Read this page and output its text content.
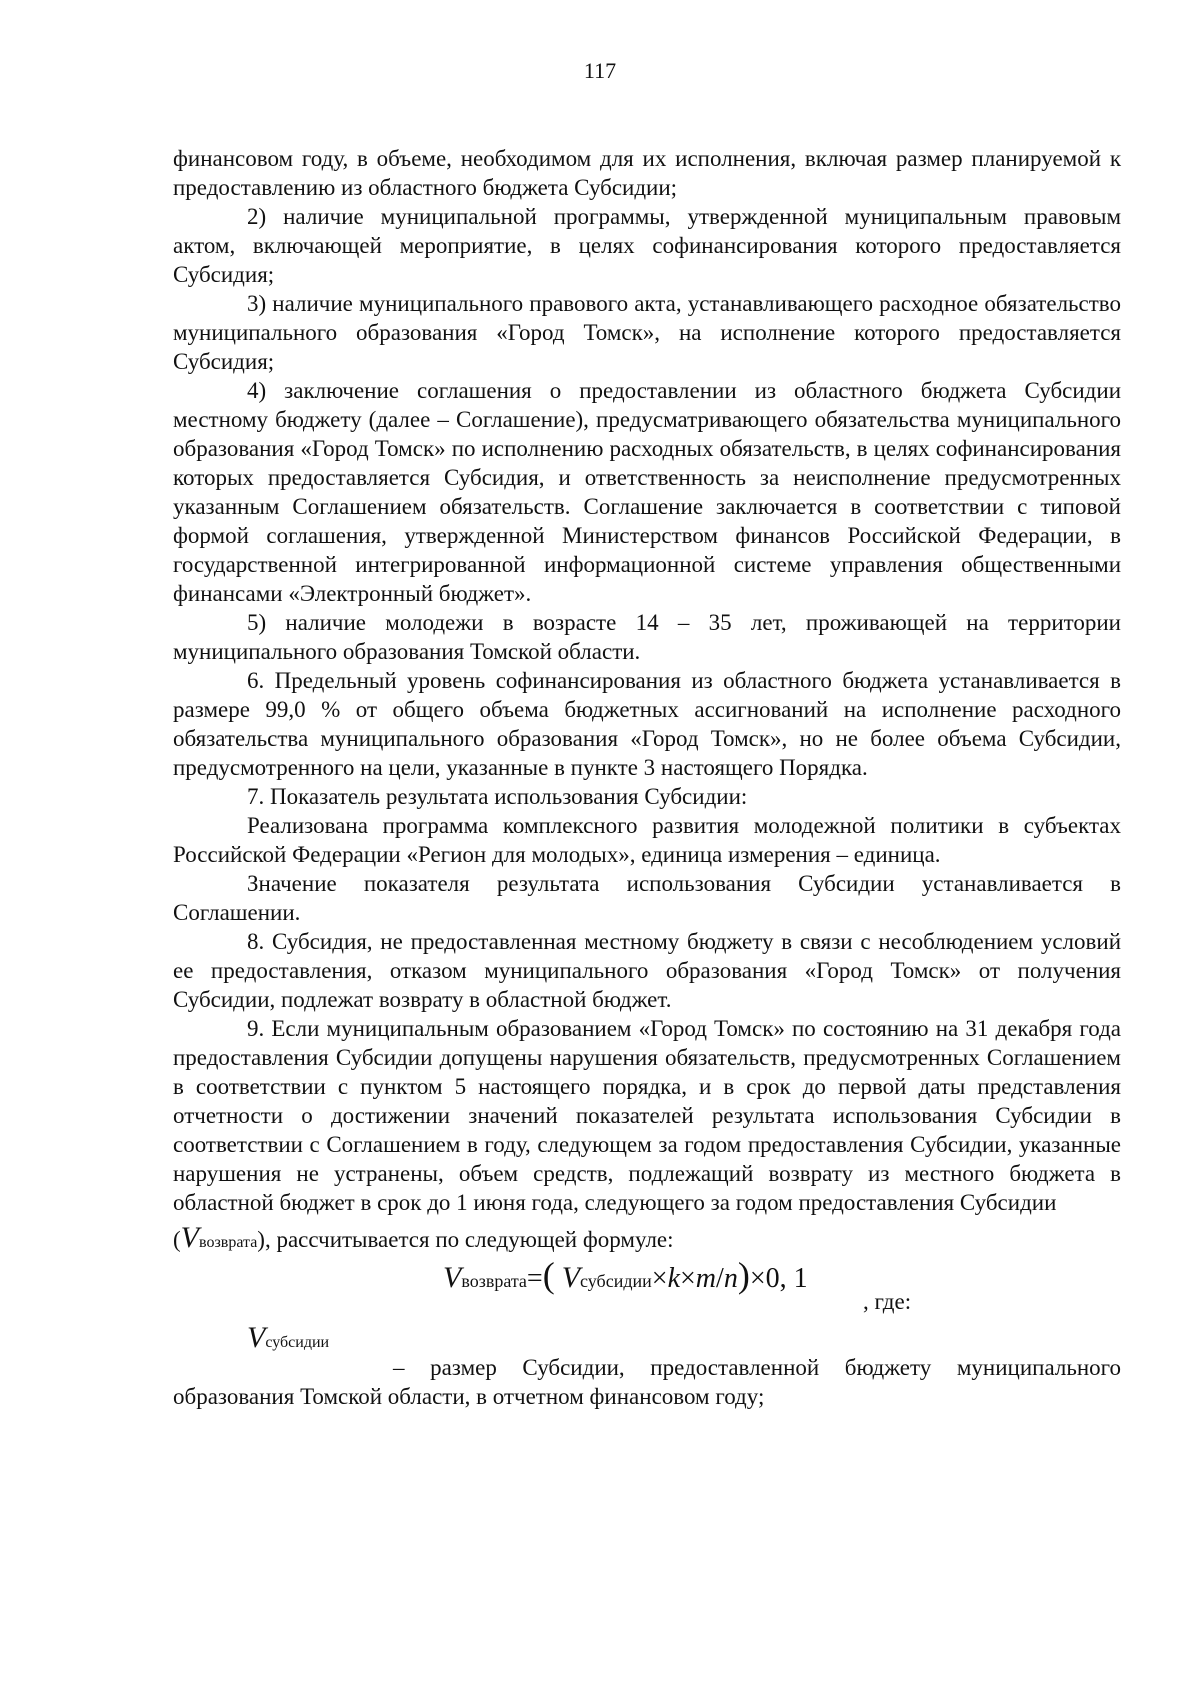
117

финансовом году, в объеме, необходимом для их исполнения, включая размер планируемой к предоставлению из областного бюджета Субсидии;

2) наличие муниципальной программы, утвержденной муниципальным правовым актом, включающей мероприятие, в целях софинансирования которого предоставляется Субсидия;

3) наличие муниципального правового акта, устанавливающего расходное обязательство муниципального образования «Город Томск», на исполнение которого предоставляется Субсидия;

4) заключение соглашения о предоставлении из областного бюджета Субсидии местному бюджету (далее – Соглашение), предусматривающего обязательства муниципального образования «Город Томск» по исполнению расходных обязательств, в целях софинансирования которых предоставляется Субсидия, и ответственность за неисполнение предусмотренных указанным Соглашением обязательств. Соглашение заключается в соответствии с типовой формой соглашения, утвержденной Министерством финансов Российской Федерации, в государственной интегрированной информационной системе управления общественными финансами «Электронный бюджет».

5) наличие молодежи в возрасте 14 – 35 лет, проживающей на территории муниципального образования Томской области.

6. Предельный уровень софинансирования из областного бюджета устанавливается в размере 99,0 % от общего объема бюджетных ассигнований на исполнение расходного обязательства муниципального образования «Город Томск», но не более объема Субсидии, предусмотренного на цели, указанные в пункте 3 настоящего Порядка.

7. Показатель результата использования Субсидии:

Реализована программа комплексного развития молодежной политики в субъектах Российской Федерации «Регион для молодых», единица измерения – единица.

Значение показателя результата использования Субсидии устанавливается в Соглашении.

8. Субсидия, не предоставленная местному бюджету в связи с несоблюдением условий ее предоставления, отказом муниципального образования «Город Томск» от получения Субсидии, подлежат возврату в областной бюджет.

9. Если муниципальным образованием «Город Томск» по состоянию на 31 декабря года предоставления Субсидии допущены нарушения обязательств, предусмотренных Соглашением в соответствии с пунктом 5 настоящего порядка, и в срок до первой даты представления отчетности о достижении значений показателей результата использования Субсидии в соответствии с Соглашением в году, следующем за годом предоставления Субсидии, указанные нарушения не устранены, объем средств, подлежащий возврату из местного бюджета в областной бюджет в срок до 1 июня года, следующего за годом предоставления Субсидии

(Vвозврата), рассчитывается по следующей формуле:
Vвозврата=( Vсубсидии×k×m/n)×0, 1
, где:
Vсубсидии

– размер Субсидии, предоставленной бюджету муниципального образования Томской области, в отчетном финансовом году;
